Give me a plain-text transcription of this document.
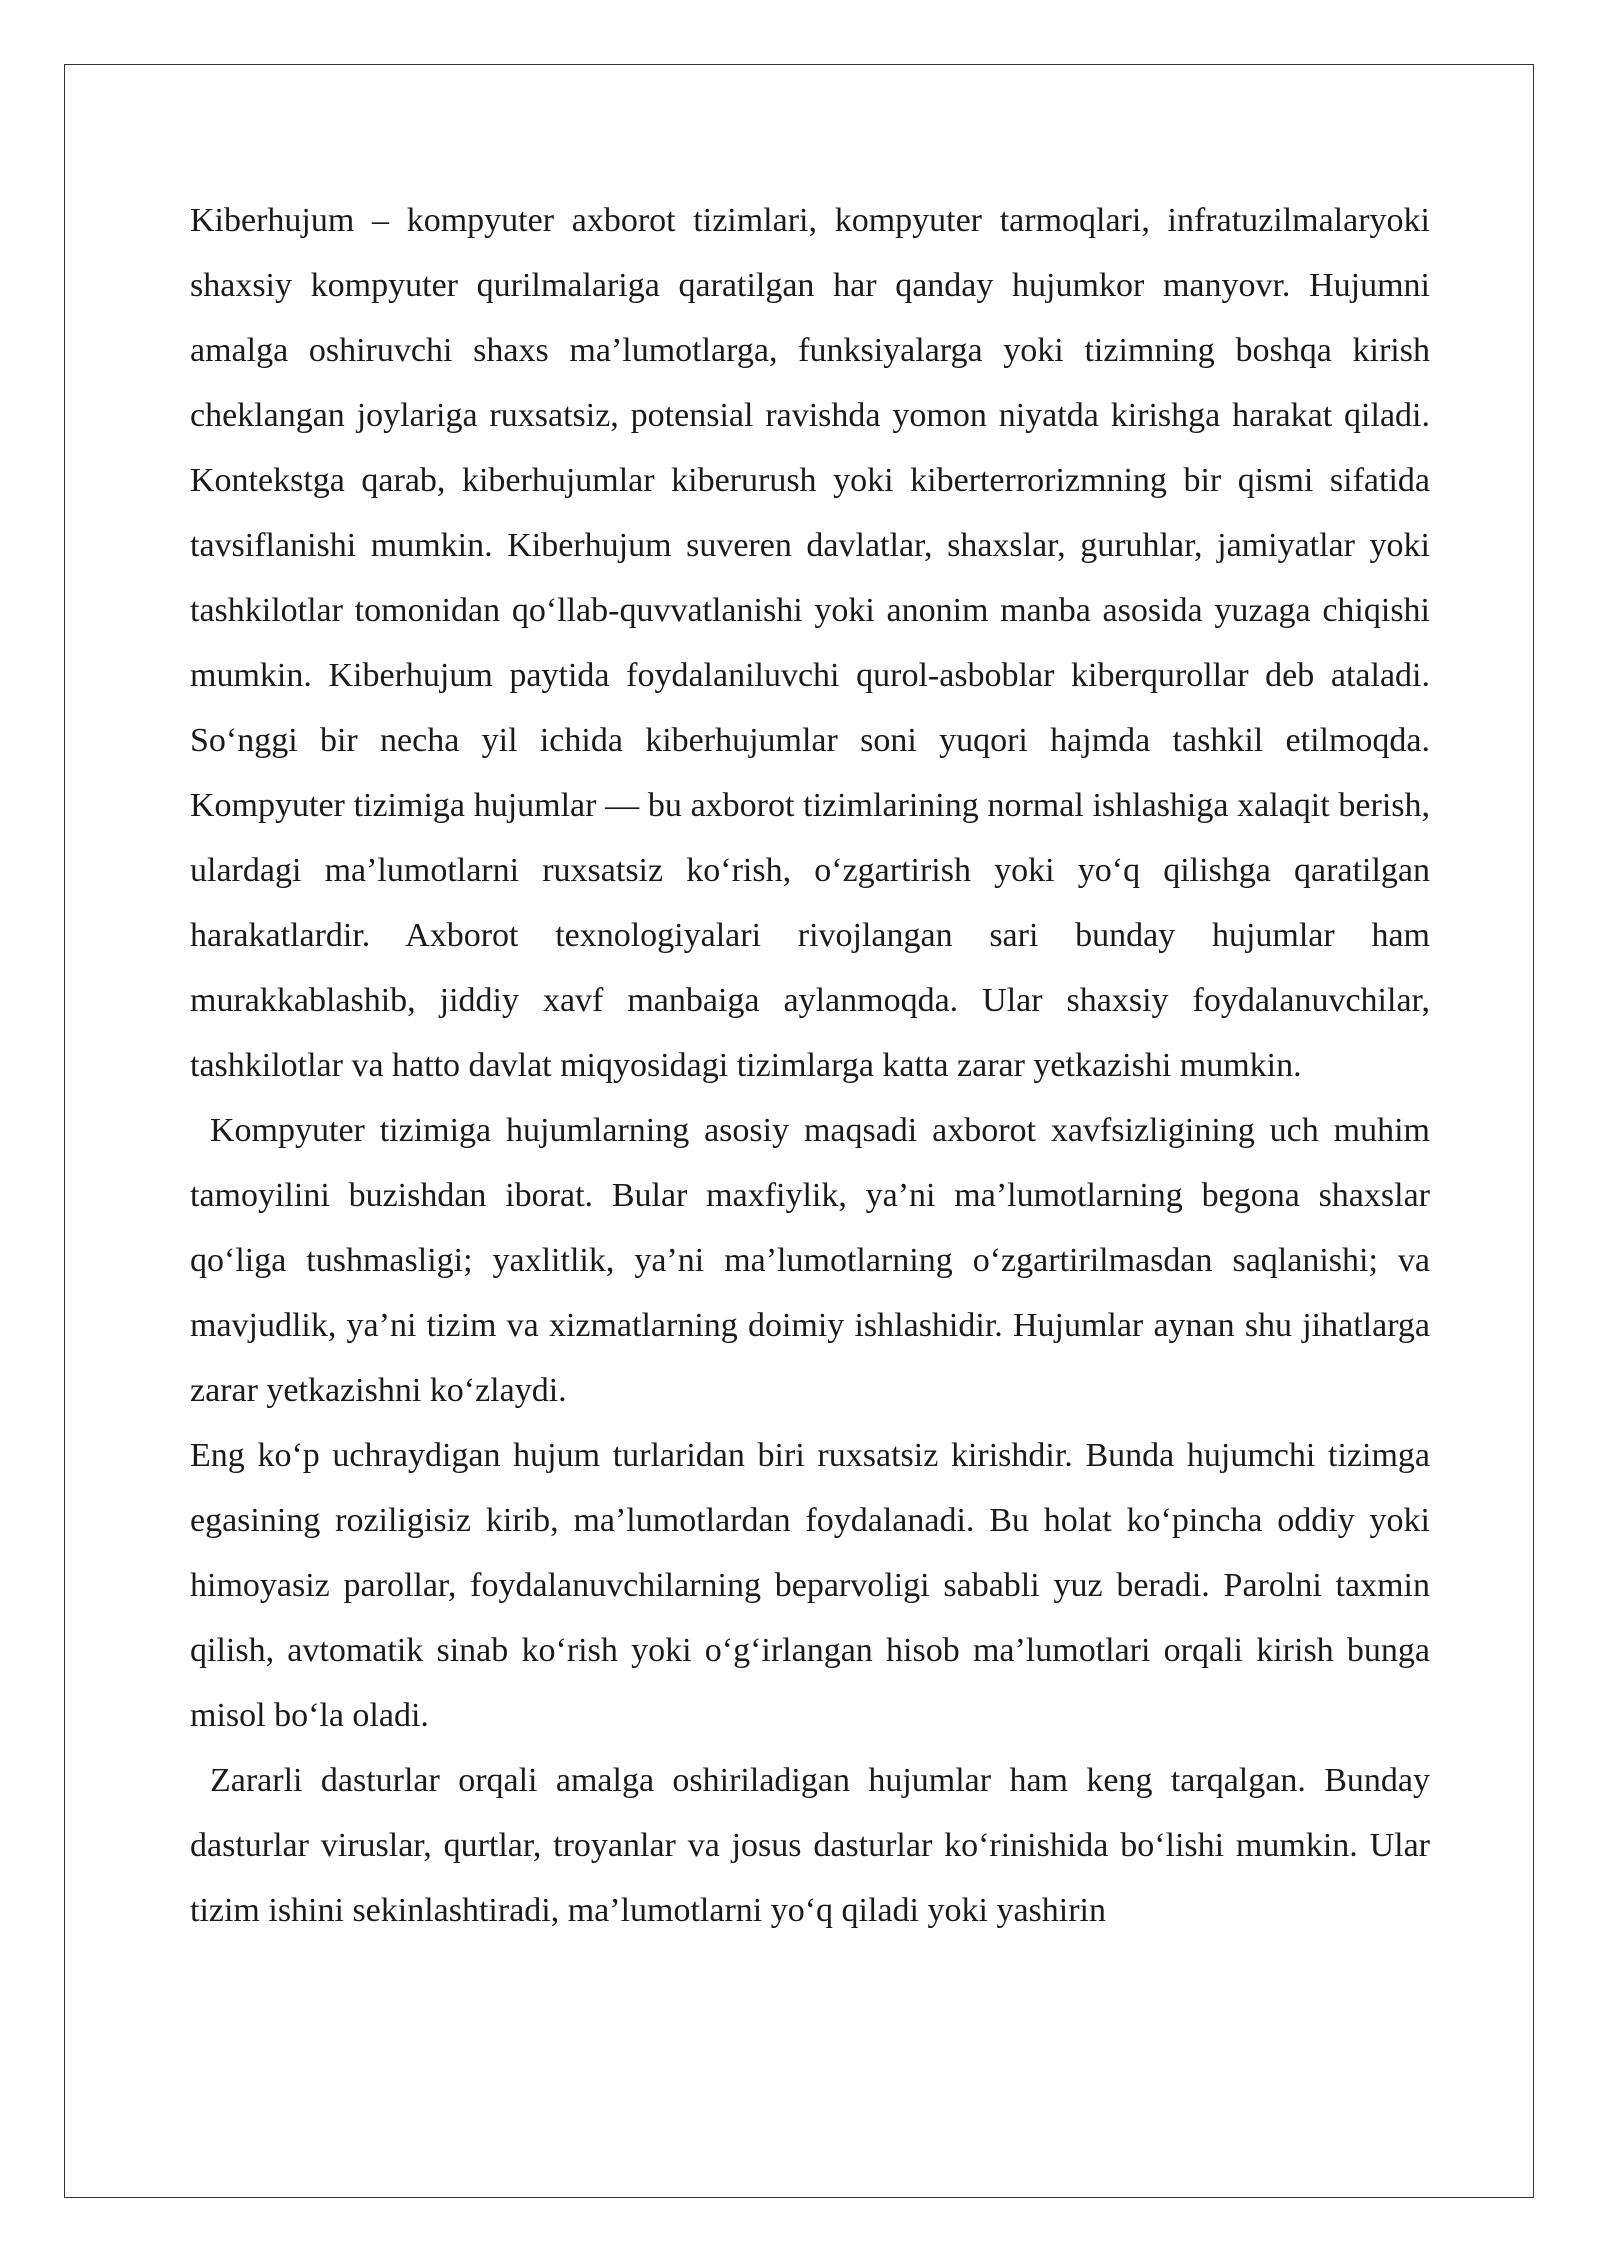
Kiberhujum – kompyuter axborot tizimlari, kompyuter tarmoqlari, infratuzilmalaryoki shaxsiy kompyuter qurilmalariga qaratilgan har qanday hujumkor manyovr. Hujumni amalga oshiruvchi shaxs ma’lumotlarga, funksiyalarga yoki tizimning boshqa kirish cheklangan joylariga ruxsatsiz, potensial ravishda yomon niyatda kirishga harakat qiladi. Kontekstga qarab, kiberhujumlar kiberurush yoki kiberterrorizmning bir qismi sifatida tavsiflanishi mumkin. Kiberhujum suveren davlatlar, shaxslar, guruhlar, jamiyatlar yoki tashkilotlar tomonidan qo‘llab-quvvatlanishi yoki anonim manba asosida yuzaga chiqishi mumkin. Kiberhujum paytida foydalaniluvchi qurol-asboblar kiberqurollar deb ataladi. So‘nggi bir necha yil ichida kiberhujumlar soni yuqori hajmda tashkil etilmoqda. Kompyuter tizimiga hujumlar — bu axborot tizimlarining normal ishlashiga xalaqit berish, ulardagi ma’lumotlarni ruxsatsiz ko‘rish, o‘zgartirish yoki yo‘q qilishga qaratilgan harakatlardir. Axborot texnologiyalari rivojlangan sari bunday hujumlar ham murakkablashib, jiddiy xavf manbaiga aylanmoqda. Ular shaxsiy foydalanuvchilar, tashkilotlar va hatto davlat miqyosidagi tizimlarga katta zarar yetkazishi mumkin.

Kompyuter tizimiga hujumlarning asosiy maqsadi axborot xavfsizligining uch muhim tamoyilini buzishdan iborat. Bular maxfiylik, ya’ni ma’lumotlarning begona shaxslar qo‘liga tushmasligi; yaxlitlik, ya’ni ma’lumotlarning o‘zgartirilmasdan saqlanishi; va mavjudlik, ya’ni tizim va xizmatlarning doimiy ishlashidir. Hujumlar aynan shu jihatlarga zarar yetkazishni ko‘zlaydi.

Eng ko‘p uchraydigan hujum turlaridan biri ruxsatsiz kirishdir. Bunda hujumchi tizimga egasining roziligisiz kirib, ma’lumotlardan foydalanadi. Bu holat ko‘pincha oddiy yoki himoyasiz parollar, foydalanuvchilarning beparvoligi sababli yuz beradi. Parolni taxmin qilish, avtomatik sinab ko‘rish yoki o‘g‘irlangan hisob ma’lumotlari orqali kirish bunga misol bo‘la oladi.

Zararli dasturlar orqali amalga oshiriladigan hujumlar ham keng tarqalgan. Bunday dasturlar viruslar, qurtlar, troyanlar va josus dasturlar ko‘rinishida bo‘lishi mumkin. Ular tizim ishini sekinlashtiradi, ma’lumotlarni yo‘q qiladi yoki yashirin
